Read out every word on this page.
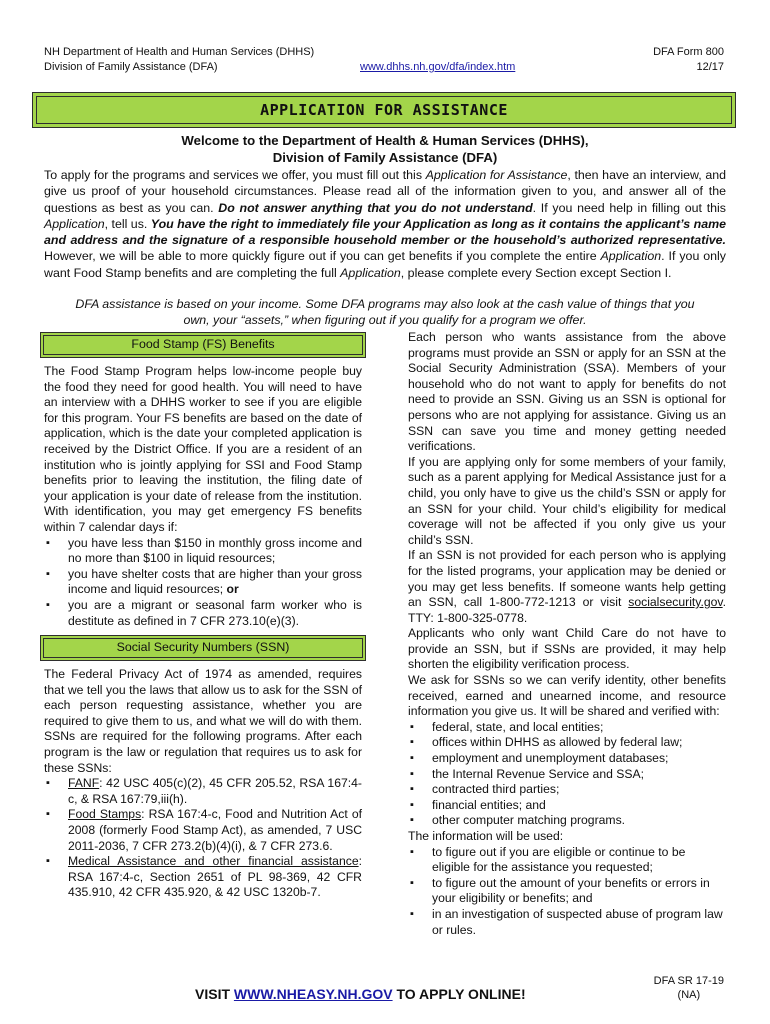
NH Department of Health and Human Services (DHHS)
Division of Family Assistance (DFA)	www.dhhs.nh.gov/dfa/index.htm
DFA Form 800
12/17
APPLICATION FOR ASSISTANCE
Welcome to the Department of Health & Human Services (DHHS),
Division of Family Assistance (DFA)

To apply for the programs and services we offer, you must fill out this Application for Assistance, then have an interview, and give us proof of your household circumstances. Please read all of the information given to you, and answer all of the questions as best as you can. Do not answer anything that you do not understand. If you need help in filling out this Application, tell us. You have the right to immediately file your Application as long as it contains the applicant’s name and address and the signature of a responsible household member or the household’s authorized representative. However, we will be able to more quickly figure out if you can get benefits if you complete the entire Application. If you only want Food Stamp benefits and are completing the full Application, please complete every Section except Section I.

DFA assistance is based on your income. Some DFA programs may also look at the cash value of things that you
own, your “assets,” when figuring out if you qualify for a program we offer.
Food Stamp (FS) Benefits

The Food Stamp Program helps low-income people buy the food they need for good health. You will need to have an interview with a DHHS worker to see if you are eligible for this program. Your FS benefits are based on the date of application, which is the date your completed application is received by the District Office. If you are a resident of an institution who is jointly applying for SSI and Food Stamp benefits prior to leaving the institution, the filing date of your application is your date of release from the institution. With identification, you may get emergency FS benefits within 7 calendar days if:

▪ you have less than $150 in monthly gross income and no more than $100 in liquid resources;
▪ you have shelter costs that are higher than your gross income and liquid resources; or
▪ you are a migrant or seasonal farm worker who is destitute as defined in 7 CFR 273.10(e)(3).
Social Security Numbers (SSN)

The Federal Privacy Act of 1974 as amended, requires that we tell you the laws that allow us to ask for the SSN of each person requesting assistance, whether you are required to give them to us, and what we will do with them. SSNs are required for the following programs. After each program is the law or regulation that requires us to ask for these SSNs:

▪ FANF: 42 USC 405(c)(2), 45 CFR 205.52, RSA 167:4-c, & RSA 167:79,iii(h).
▪ Food Stamps: RSA 167:4-c, Food and Nutrition Act of 2008 (formerly Food Stamp Act), as amended, 7 USC 2011-2036, 7 CFR 273.2(b)(4)(i), & 7 CFR 273.6.
▪ Medical Assistance and other financial assistance: RSA 167:4-c, Section 2651 of PL 98-369, 42 CFR 435.910, 42 CFR 435.920, & 42 USC 1320b-7.

Each person who wants assistance from the above programs must provide an SSN or apply for an SSN at the Social Security Administration (SSA). Members of your household who do not want to apply for benefits do not need to provide an SSN. Giving us an SSN is optional for persons who are not applying for assistance. Giving us an SSN can save you time and money getting needed verifications.

If you are applying only for some members of your family, such as a parent applying for Medical Assistance just for a child, you only have to give us the child’s SSN or apply for an SSN for your child. Your child’s eligibility for medical coverage will not be affected if you only give us your child’s SSN.

If an SSN is not provided for each person who is applying for the listed programs, your application may be denied or you may get less benefits. If someone wants help getting an SSN, call 1-800-772-1213 or visit socialsecurity.gov. TTY: 1-800-325-0778.

Applicants who only want Child Care do not have to provide an SSN, but if SSNs are provided, it may help shorten the eligibility verification process.

We ask for SSNs so we can verify identity, other benefits received, earned and unearned income, and resource information you give us. It will be shared and verified with:

▪ federal, state, and local entities;
▪ offices within DHHS as allowed by federal law;
▪ employment and unemployment databases;
▪ the Internal Revenue Service and SSA;
▪ contracted third parties;
▪ financial entities; and
▪ other computer matching programs.

The information will be used:

▪ to figure out if you are eligible or continue to be eligible for the assistance you requested;
▪ to figure out the amount of your benefits or errors in your eligibility or benefits; and
▪ in an investigation of suspected abuse of program law or rules.
VISIT WWW.NHEASY.NH.GOV TO APPLY ONLINE!
DFA SR 17-19
(NA)
